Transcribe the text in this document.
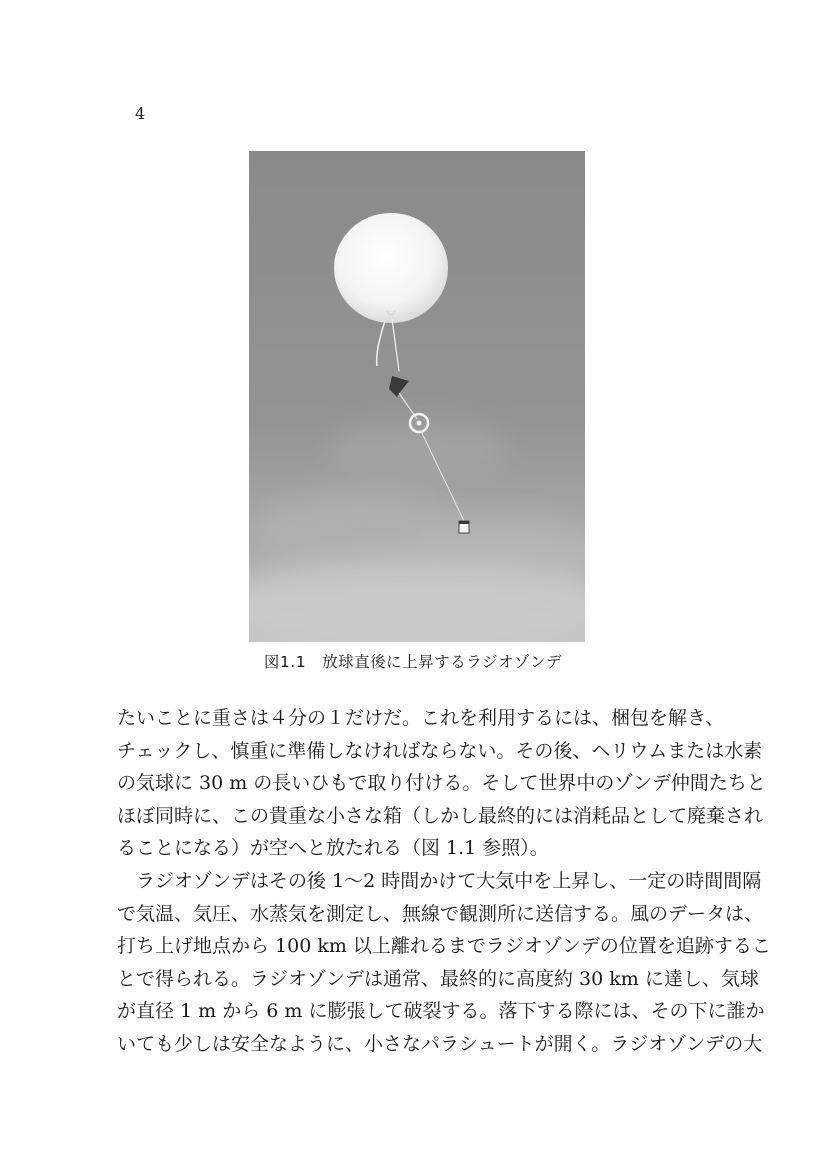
4
図1.1 放球直後に上昇するラジオゾンデ
たいことに重さは４分の１だけだ。これを利用するには、梱包を解き、
チェックし、慎重に準備しなければならない。その後、ヘリウムまたは水素
の気球に 30 m の長いひもで取り付ける。そして世界中のゾンデ仲間たちと
ほぼ同時に、この貴重な小さな箱（しかし最終的には消耗品として廃棄され
ることになる）が空へと放たれる（図 1.1 参照）。
　ラジオゾンデはその後 1〜2 時間かけて大気中を上昇し、一定の時間間隔
で気温、気圧、水蒸気を測定し、無線で観測所に送信する。風のデータは、
打ち上げ地点から 100 km 以上離れるまでラジオゾンデの位置を追跡するこ
とで得られる。ラジオゾンデは通常、最終的に高度約 30 km に達し、気球
が直径 1 m から 6 m に膨張して破裂する。落下する際には、その下に誰か
いても少しは安全なように、小さなパラシュートが開く。ラジオゾンデの大
